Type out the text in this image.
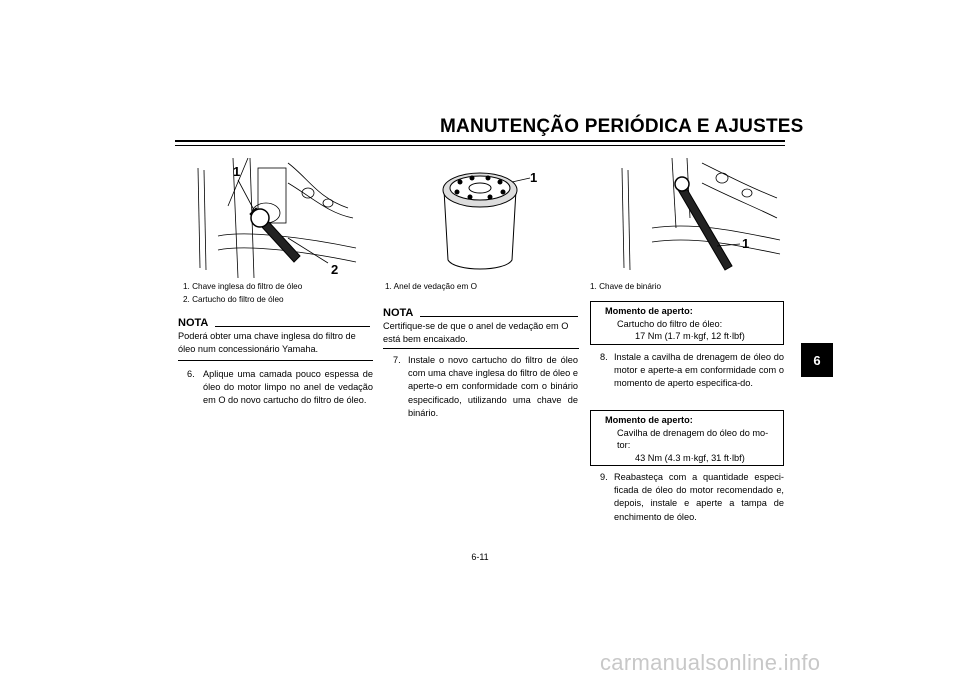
MANUTENÇÃO PERIÓDICA E AJUSTES
6
1
2
1. Chave inglesa do filtro de óleo
2. Cartucho do filtro de óleo
1
1. Anel de vedação em O
1
1. Chave de binário
NOTA
Poderá obter uma chave inglesa do filtro de óleo num concessionário Yamaha.
6. Aplique uma camada pouco espessa de óleo do motor limpo no anel de vedação em O do novo cartucho do filtro de óleo.
NOTA
Certifique-se de que o anel de vedação em O está bem encaixado.
7. Instale o novo cartucho do filtro de óleo com uma chave inglesa do filtro de óleo e aperte-o em conformidade com o binário especificado, utilizando uma chave de binário.
Momento de aperto:
Cartucho do filtro de óleo:
17 Nm (1.7 m·kgf, 12 ft·lbf)
8. Instale a cavilha de drenagem de óleo do motor e aperte-a em conformidade com o momento de aperto especifica-do.
Momento de aperto:
Cavilha de drenagem do óleo do mo-tor:
43 Nm (4.3 m·kgf, 31 ft·lbf)
9. Reabasteça com a quantidade especi-ficada de óleo do motor recomendado e, depois, instale e aperte a tampa de enchimento de óleo.
6-11
carmanualsonline.info
